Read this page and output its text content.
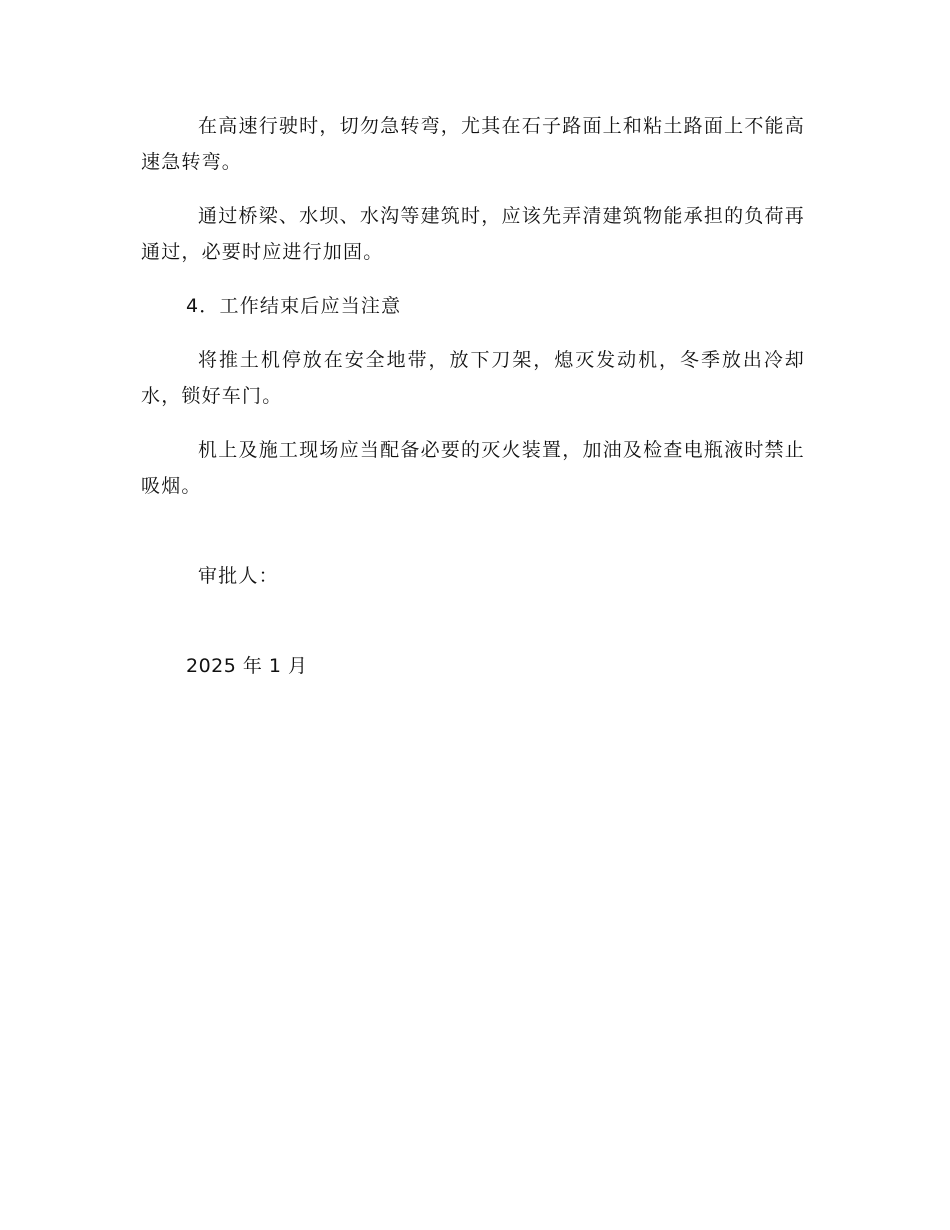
在高速行驶时，切勿急转弯，尤其在石子路面上和粘土路面上不能高速急转弯。

通过桥梁、水坝、水沟等建筑时，应该先弄清建筑物能承担的负荷再通过，必要时应进行加固。

4．工作结束后应当注意

将推土机停放在安全地带，放下刀架，熄灭发动机，冬季放出冷却水，锁好车门。

机上及施工现场应当配备必要的灭火装置，加油及检查电瓶液时禁止吸烟。

审批人：

2025 年 1 月
